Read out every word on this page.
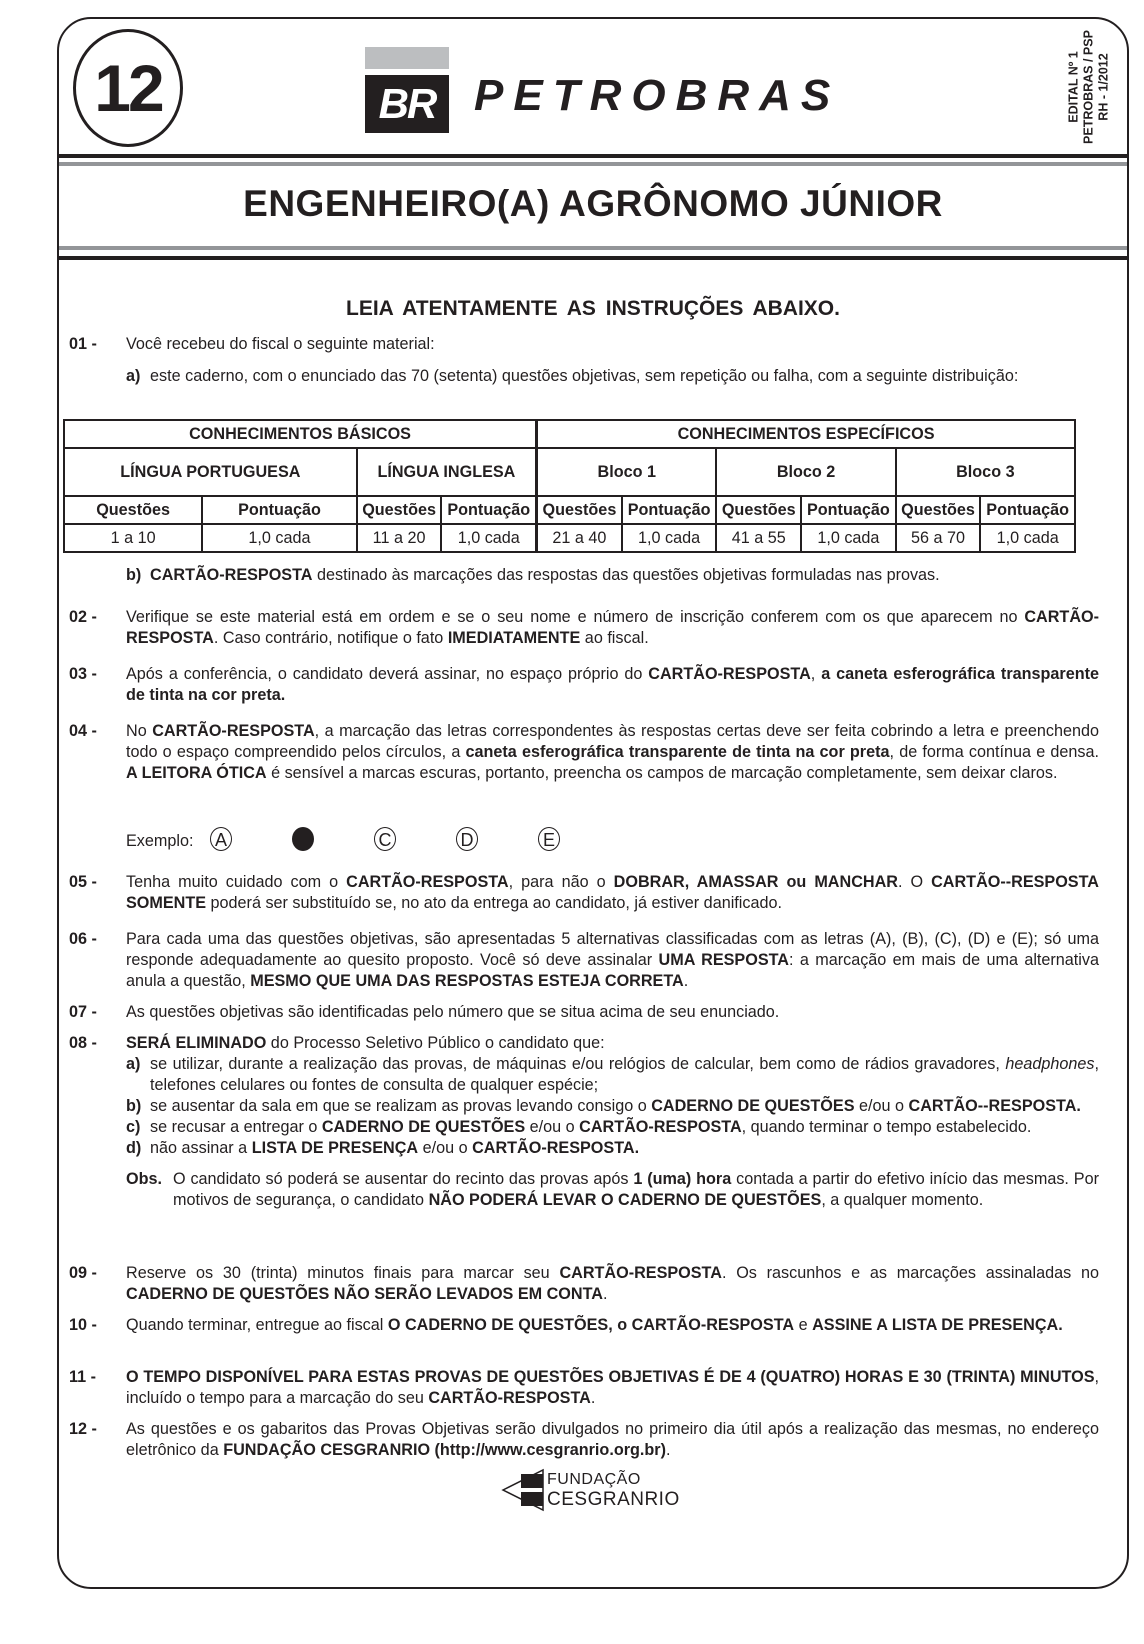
12	BR PETROBRAS	EDITAL Nº 1 PETROBRAS / PSP RH - 1/2012
ENGENHEIRO(A) AGRÔNOMO JÚNIOR
LEIA ATENTAMENTE AS INSTRUÇÕES ABAIXO.
01 -	Você recebeu do fiscal o seguinte material:
a) este caderno, com o enunciado das 70 (setenta) questões objetivas, sem repetição ou falha, com a seguinte distribuição:
CONHECIMENTOS BÁSICOS				CONHECIMENTOS ESPECÍFICOS					
LÍNGUA PORTUGUESA		LÍNGUA INGLESA		Bloco 1		Bloco 2		Bloco 3	
Questões	Pontuação	Questões	Pontuação	Questões	Pontuação	Questões	Pontuação	Questões	Pontuação
1 a 10	1,0 cada	11 a 20	1,0 cada	21 a 40	1,0 cada	41 a 55	1,0 cada	56 a 70	1,0 cada
b) CARTÃO-RESPOSTA destinado às marcações das respostas das questões objetivas formuladas nas provas.
02 -	Verifique se este material está em ordem e se o seu nome e número de inscrição conferem com os que aparecem no CARTÃO-RESPOSTA. Caso contrário, notifique o fato IMEDIATAMENTE ao fiscal.
03 -	Após a conferência, o candidato deverá assinar, no espaço próprio do CARTÃO-RESPOSTA, a caneta esferográfica transparente de tinta na cor preta.
04 -	No CARTÃO-RESPOSTA, a marcação das letras correspondentes às respostas certas deve ser feita cobrindo a letra e preenchendo todo o espaço compreendido pelos círculos, a caneta esferográfica transparente de tinta na cor preta, de forma contínua e densa. A LEITORA ÓTICA é sensível a marcas escuras, portanto, preencha os campos de marcação completamente, sem deixar claros.
Exemplo: A	C	D	E
05 -	Tenha muito cuidado com o CARTÃO-RESPOSTA, para não o DOBRAR, AMASSAR ou MANCHAR. O CARTÃO--RESPOSTA SOMENTE poderá ser substituído se, no ato da entrega ao candidato, já estiver danificado.
06 -	Para cada uma das questões objetivas, são apresentadas 5 alternativas classificadas com as letras (A), (B), (C), (D) e (E); só uma responde adequadamente ao quesito proposto. Você só deve assinalar UMA RESPOSTA: a marcação em mais de uma alternativa anula a questão, MESMO QUE UMA DAS RESPOSTAS ESTEJA CORRETA.
07 -	As questões objetivas são identificadas pelo número que se situa acima de seu enunciado.
08 -	SERÁ ELIMINADO do Processo Seletivo Público o candidato que:
a) se utilizar, durante a realização das provas, de máquinas e/ou relógios de calcular, bem como de rádios gravadores, headphones, telefones celulares ou fontes de consulta de qualquer espécie;
b) se ausentar da sala em que se realizam as provas levando consigo o CADERNO DE QUESTÕES e/ou o CARTÃO--RESPOSTA.
c) se recusar a entregar o CADERNO DE QUESTÕES e/ou o CARTÃO-RESPOSTA, quando terminar o tempo estabelecido.
d) não assinar a LISTA DE PRESENÇA e/ou o CARTÃO-RESPOSTA.
Obs. O candidato só poderá se ausentar do recinto das provas após 1 (uma) hora contada a partir do efetivo início das mesmas. Por motivos de segurança, o candidato NÃO PODERÁ LEVAR O CADERNO DE QUESTÕES, a qualquer momento.
09 -	Reserve os 30 (trinta) minutos finais para marcar seu CARTÃO-RESPOSTA. Os rascunhos e as marcações assinaladas no CADERNO DE QUESTÕES NÃO SERÃO LEVADOS EM CONTA.
10 -	Quando terminar, entregue ao fiscal O CADERNO DE QUESTÕES, o CARTÃO-RESPOSTA e ASSINE A LISTA DE PRESENÇA.
11 -	O TEMPO DISPONÍVEL PARA ESTAS PROVAS DE QUESTÕES OBJETIVAS É DE 4 (QUATRO) HORAS E 30 (TRINTA) MINUTOS, incluído o tempo para a marcação do seu CARTÃO-RESPOSTA.
12 -	As questões e os gabaritos das Provas Objetivas serão divulgados no primeiro dia útil após a realização das mesmas, no endereço eletrônico da FUNDAÇÃO CESGRANRIO (http://www.cesgranrio.org.br).
FUNDAÇÃO
CESGRANRIO
